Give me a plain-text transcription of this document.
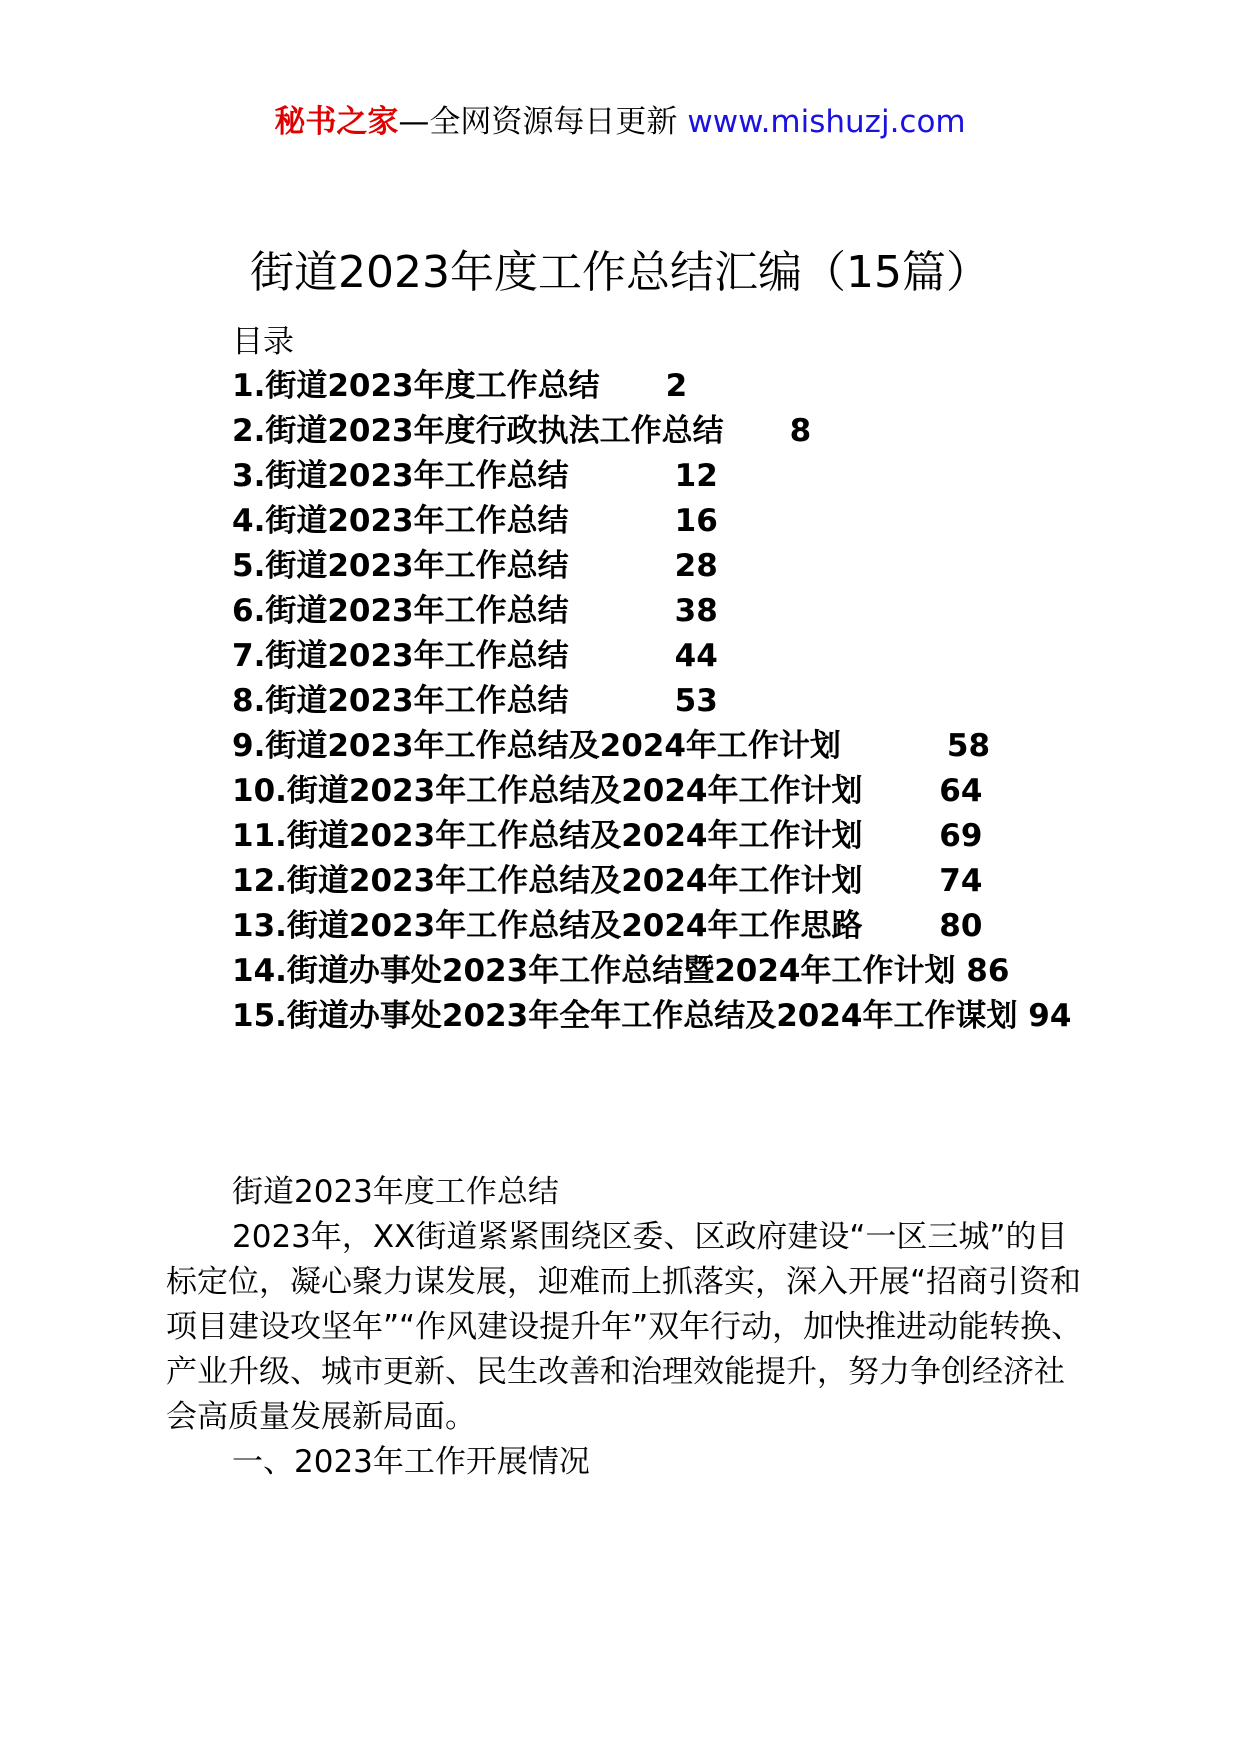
秘书之家—全网资源每日更新 www.mishuzj.com
街道2023年度工作总结汇编（15篇）
目录
1.街道2023年度工作总结 2
2.街道2023年度行政执法工作总结 8
3.街道2023年工作总结	12
4.街道2023年工作总结	16
5.街道2023年工作总结	28
6.街道2023年工作总结	38
7.街道2023年工作总结	44
8.街道2023年工作总结	53
9.街道2023年工作总结及2024年工作计划	58
10.街道2023年工作总结及2024年工作计划 64
11.街道2023年工作总结及2024年工作计划 69
12.街道2023年工作总结及2024年工作计划 74
13.街道2023年工作总结及2024年工作思路 80
14.街道办事处2023年工作总结暨2024年工作计划 86
15.街道办事处2023年全年工作总结及2024年工作谋划 94

街道2023年度工作总结

2023年，XX街道紧紧围绕区委、区政府建设“一区三城”的目标定位，凝心聚力谋发展，迎难而上抓落实，深入开展“招商引资和项目建设攻坚年”“作风建设提升年”双年行动，加快推进动能转换、产业升级、城市更新、民生改善和治理效能提升，努力争创经济社会高质量发展新局面。

一、2023年工作开展情况
